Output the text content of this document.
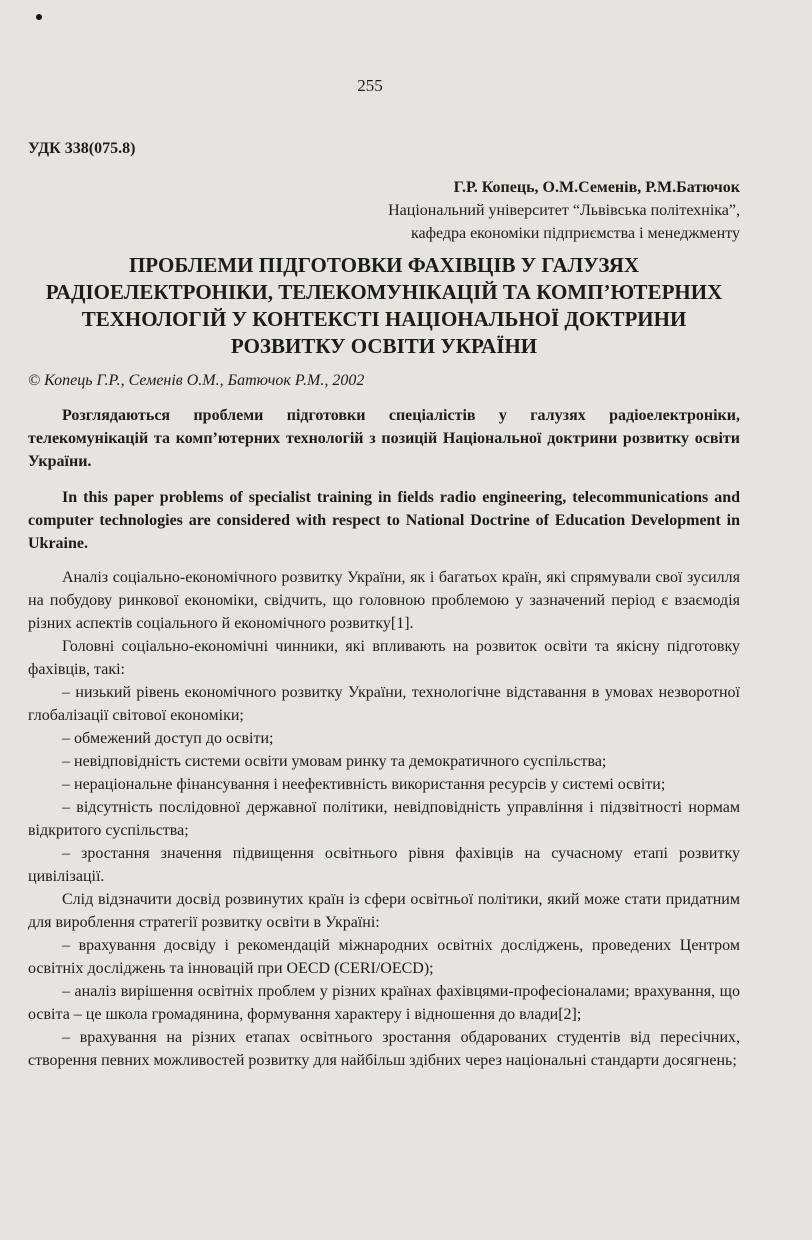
255
УДК 338(075.8)
Г.Р. Копець, О.М.Семенів, Р.М.Батючок
Національний університет “Львівська політехніка”,
кафедра економіки підприємства і менеджменту
ПРОБЛЕМИ ПІДГОТОВКИ ФАХІВЦІВ У ГАЛУЗЯХ
РАДІОЕЛЕКТРОНІКИ, ТЕЛЕКОМУНІКАЦІЙ ТА КОМП’ЮТЕРНИХ
ТЕХНОЛОГІЙ У КОНТЕКСТІ НАЦІОНАЛЬНОЇ ДОКТРИНИ
РОЗВИТКУ ОСВІТИ УКРАЇНИ
© Копець Г.Р., Семенів О.М., Батючок Р.М., 2002

Розглядаються проблеми підготовки спеціалістів у галузях радіоелектроніки, телекомунікацій та комп’ютерних технологій з позицій Національної доктрини розвитку освіти України.

In this paper problems of specialist training in fields radio engineering, telecommunications and computer technologies are considered with respect to National Doctrine of Education Development in Ukraine.

Аналіз соціально-економічного розвитку України, як і багатьох країн, які спрямували свої зусилля на побудову ринкової економіки, свідчить, що головною проблемою у зазначений період є взаємодія різних аспектів соціального й економічного розвитку[1].

Головні соціально-економічні чинники, які впливають на розвиток освіти та якісну підготовку фахівців, такі:

– низький рівень економічного розвитку України, технологічне відставання в умовах незворотної глобалізації світової економіки;

– обмежений доступ до освіти;

– невідповідність системи освіти умовам ринку та демократичного суспільства;

– нераціональне фінансування і неефективність використання ресурсів у системі освіти;

– відсутність послідовної державної політики, невідповідність управління і підзвітності нормам відкритого суспільства;

– зростання значення підвищення освітнього рівня фахівців на сучасному етапі розвитку цивілізації.

Слід відзначити досвід розвинутих країн із сфери освітньої політики, який може стати придатним для вироблення стратегії розвитку освіти в Україні:

– врахування досвіду і рекомендацій міжнародних освітніх досліджень, проведених Центром освітніх досліджень та інновацій при OECD (CERI/OECD);

– аналіз вирішення освітніх проблем у різних країнах фахівцями-професіоналами; врахування, що освіта – це школа громадянина, формування характеру і відношення до влади[2];

– врахування на різних етапах освітнього зростання обдарованих студентів від пересічних, створення певних можливостей розвитку для найбільш здібних через національні стандарти досягнень;
